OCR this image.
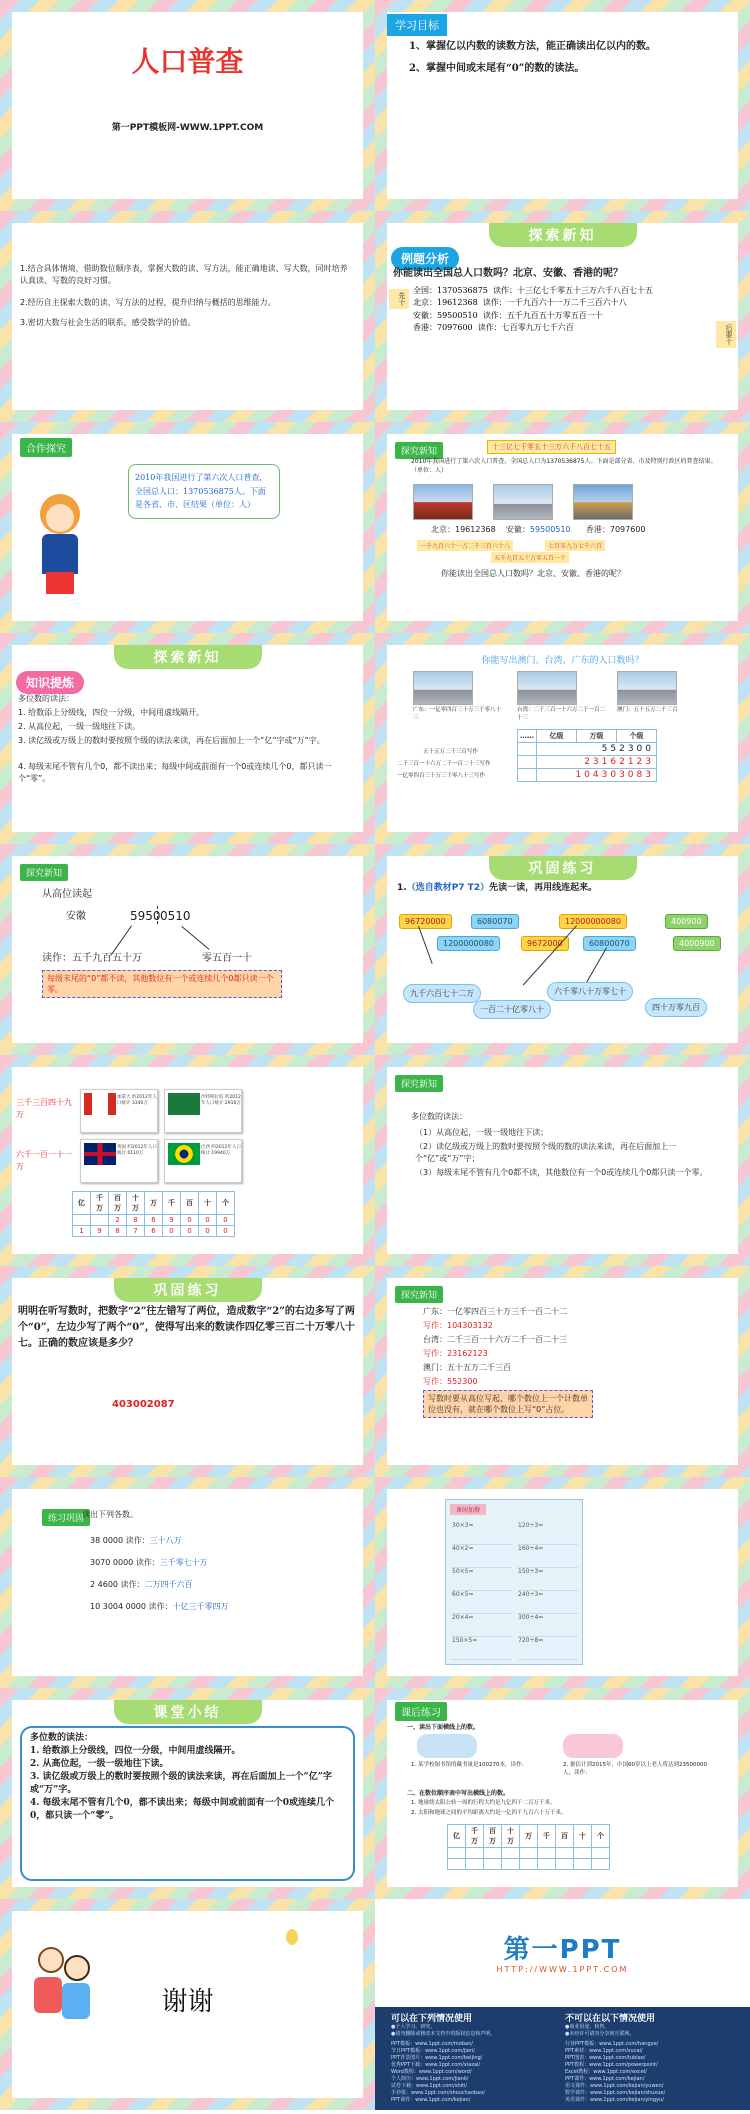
人口普查
第一PPT模板网-WWW.1PPT.COM
学习目标
1、掌握亿以内数的读数方法，能正确读出亿以内的数。
2、掌握中间或末尾有“0”的数的读法。
1.结合具体情境，借助数位顺序表，掌握大数的读、写方法，能正确地读、写大数，同时培养认真读、写数的良好习惯。
2.经历自主探索大数的读、写方法的过程，提升归纳与概括的思维能力。
3.密切大数与社会生活的联系，感受数学的价值。
探索新知
例题分析
你能读出全国总人口数吗？北京、安徽、香港的呢？
先十
后要十
全国：1370536875 读作：十三亿七千零五十三万六千八百七十五
北京：19612368 读作：一千九百六十一万二千三百六十八
安徽：59500510 读作：五千九百五十万零五百一十
香港：7097600 读作：七百零九万七千六百
合作探究
2010年我国进行了第六次人口普查，全国总人口：1370536875人。下面是各省、市、区结果（单位：人）
探究新知	十三亿七千零五十三万六千八百七十五
2010年我国进行了第六次人口普查，全国总人口为1370536875人。下面是部分省、市及特别行政区的普查结果。（单位：人）
北京：19612368 安徽：59500510 香港：7097600
一千九百六十一万二千三百六十八	七百零九万七千六百
五千九百五十万零五百一十
你能读出全国总人口数吗？北京、安徽、香港的呢？
探索新知
知识提炼
多位数的读法：
1. 给数添上分级线，四位一分级，中间用虚线隔开。
2. 从高位起，一级一级地往下读。
3. 读亿级或万级上的数时要按照个级的读法来读，再在后面加上一个“亿”字或“万”字。
4. 每级末尾不管有几个0，都不读出来；每级中间或前面有一个0或连续几个0，都只读一个“零”。
你能写出澳门、台湾、广东的人口数吗？
广东：一亿零四百三十万三千零八十三
台湾：二千三百一十六万二千一百二十三
澳门：五十五万二千三百
……	亿级	万级	个级
	552300		
	23162123		
	104303083		
五十五万二千三百写作
二千三百一十六万二千一百二十三写作
一亿零四百三十万三千零八十三写作
探究新知
从高位读起
安徽	5950 0510
读作：五千九百五十万	零五百一十
每级末尾的“0”都不读，其他数位有一个或连续几个0都只读一个零。
巩固练习
1.（选自教材P7 T2）先读一读，再用线连起来。
96720000	6080070	12000000080	400900
1200000080	9672000	60800070	4000900
九千六百七十二万
一百二十亿零八十
六千零八十万零七十
四十万零九百
三千三百四十九万
六千一百一十一万
加拿大 约2012年人口统计 3340万
沙特阿拉伯 约2012年人口统计 2910万
英国 约2012年人口统计 6110万
巴西 约2012年人口统计 19940万
亿	千万	百万	十万	万	千	百	十	个
		2	8	6	9	0	0	0
1	9	8	7	6	0	0	0	0
探究新知
多位数的读法：
（1）从高位起，一级一级地往下读；
（2）读亿级或万级上的数时要按照个级的数的读法来读，再在后面加上一个“亿”或“万”字；
（3）每级末尾不管有几个0都不读，其他数位有一个0或连续几个0都只读一个零。
巩固练习
明明在听写数时，把数字“2”往左错写了两位，造成数字“2”的右边多写了两个“0”，左边少写了两个“0”，使得写出来的数读作四亿零三百二十万零八十七。正确的数应该是多少？
403002087
探究新知
广东：一亿零四百三十万三千一百二十二
写作：104303132
台湾：二千三百一十六万二千一百二十三
写作：23162123
澳门：五十五万二千三百
写作：552300
写数时要从高位写起，哪个数位上一个计数单位也没有，就在哪个数位上写“0”占位。
练习巩固
读出下列各数。
38 0000 读作：三十八万
3070 0000 读作：三千零七十万
2 4600 读作：二万四千六百
10 3004 0000 读作：十亿三千零四万
课间加餐
30×3=
40×2=
50×5=
60×5=
20×4=
150×5=
120÷3=
160÷4=
150÷3=
240÷3=
300÷4=
720÷8=
课堂小结
多位数的读法：
1. 给数添上分级线，四位一分级，中间用虚线隔开。
2. 从高位起，一级一级地往下读。
3. 读亿级或万级上的数时要按照个级的读法来读，再在后面加上一个“亿”字或“万”字。
4. 每级末尾不管有几个0，都不读出来；每级中间或前面有一个0或连续几个0，都只读一个“零”。
课后练习
一、读出下面横线上的数。
1. 某学校图书馆的藏书量是100270本，读作：	2. 据估计到2015年，中国60岁以上老人将达到23500000人，读作：
二、在数位顺序表中写出横线上的数。
1. 地球绕太阳公转一周的行程大约是九亿四千二百万千米。
2. 太阳和地球之间的平均距离大约是一亿四千九百六十万千米。
亿	千万	百万	十万	万	千	百	十	个

谢谢
第一PPT
HTTP://WWW.1PPT.COM
可以在下列情况使用	不可以在以下情况使用
●个人学习、研究。
●请勿删除或修改本文档中的版权信息和声明。
●商业用途、转售。
●未经许可请勿分享到互联网。
PPT模板：www.1ppt.com/moban/
节日PPT模板：www.1ppt.com/jieri/
PPT背景图片：www.1ppt.com/beijing/
优秀PPT下载：www.1ppt.com/xiazai/
Word教程：www.1ppt.com/word/
个人简历：www.1ppt.com/jianli/
试卷下载：www.1ppt.com/shiti/
手抄报：www.1ppt.com/shouchaobao/
PPT课件：www.1ppt.com/kejian/
行业PPT模板：www.1ppt.com/hangye/
PPT素材：www.1ppt.com/sucai/
PPT图表：www.1ppt.com/tubiao/
PPT教程：www.1ppt.com/powerpoint/
Excel教程：www.1ppt.com/excel/
PPT课件：www.1ppt.com/kejian/
语文课件：www.1ppt.com/kejian/yuwen/
数学课件：www.1ppt.com/kejian/shuxue/
英语课件：www.1ppt.com/kejian/yingyu/
